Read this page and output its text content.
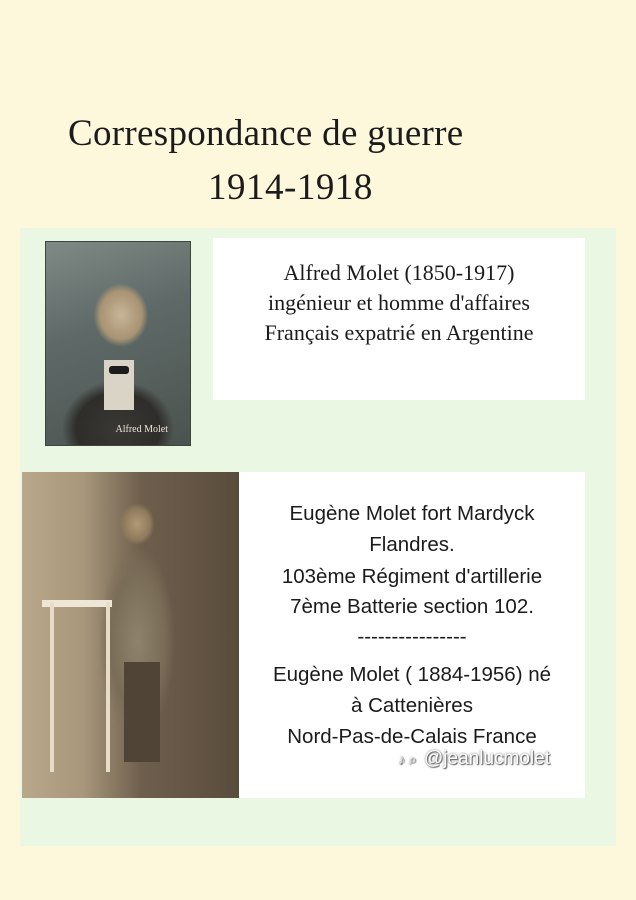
Correspondance de guerre
1914-1918
Alfred Molet

Alfred Molet (1850-1917)

ingénieur et homme d'affaires

Français expatrié en Argentine

Eugène Molet fort Mardyck

Flandres.

103ème Régiment d'artillerie

7ème Batterie section 102.

----------------

Eugène Molet ( 1884-1956) né

à Cattenières

Nord-Pas-de-Calais France

♪ ⌕ @jeanlucmolet
